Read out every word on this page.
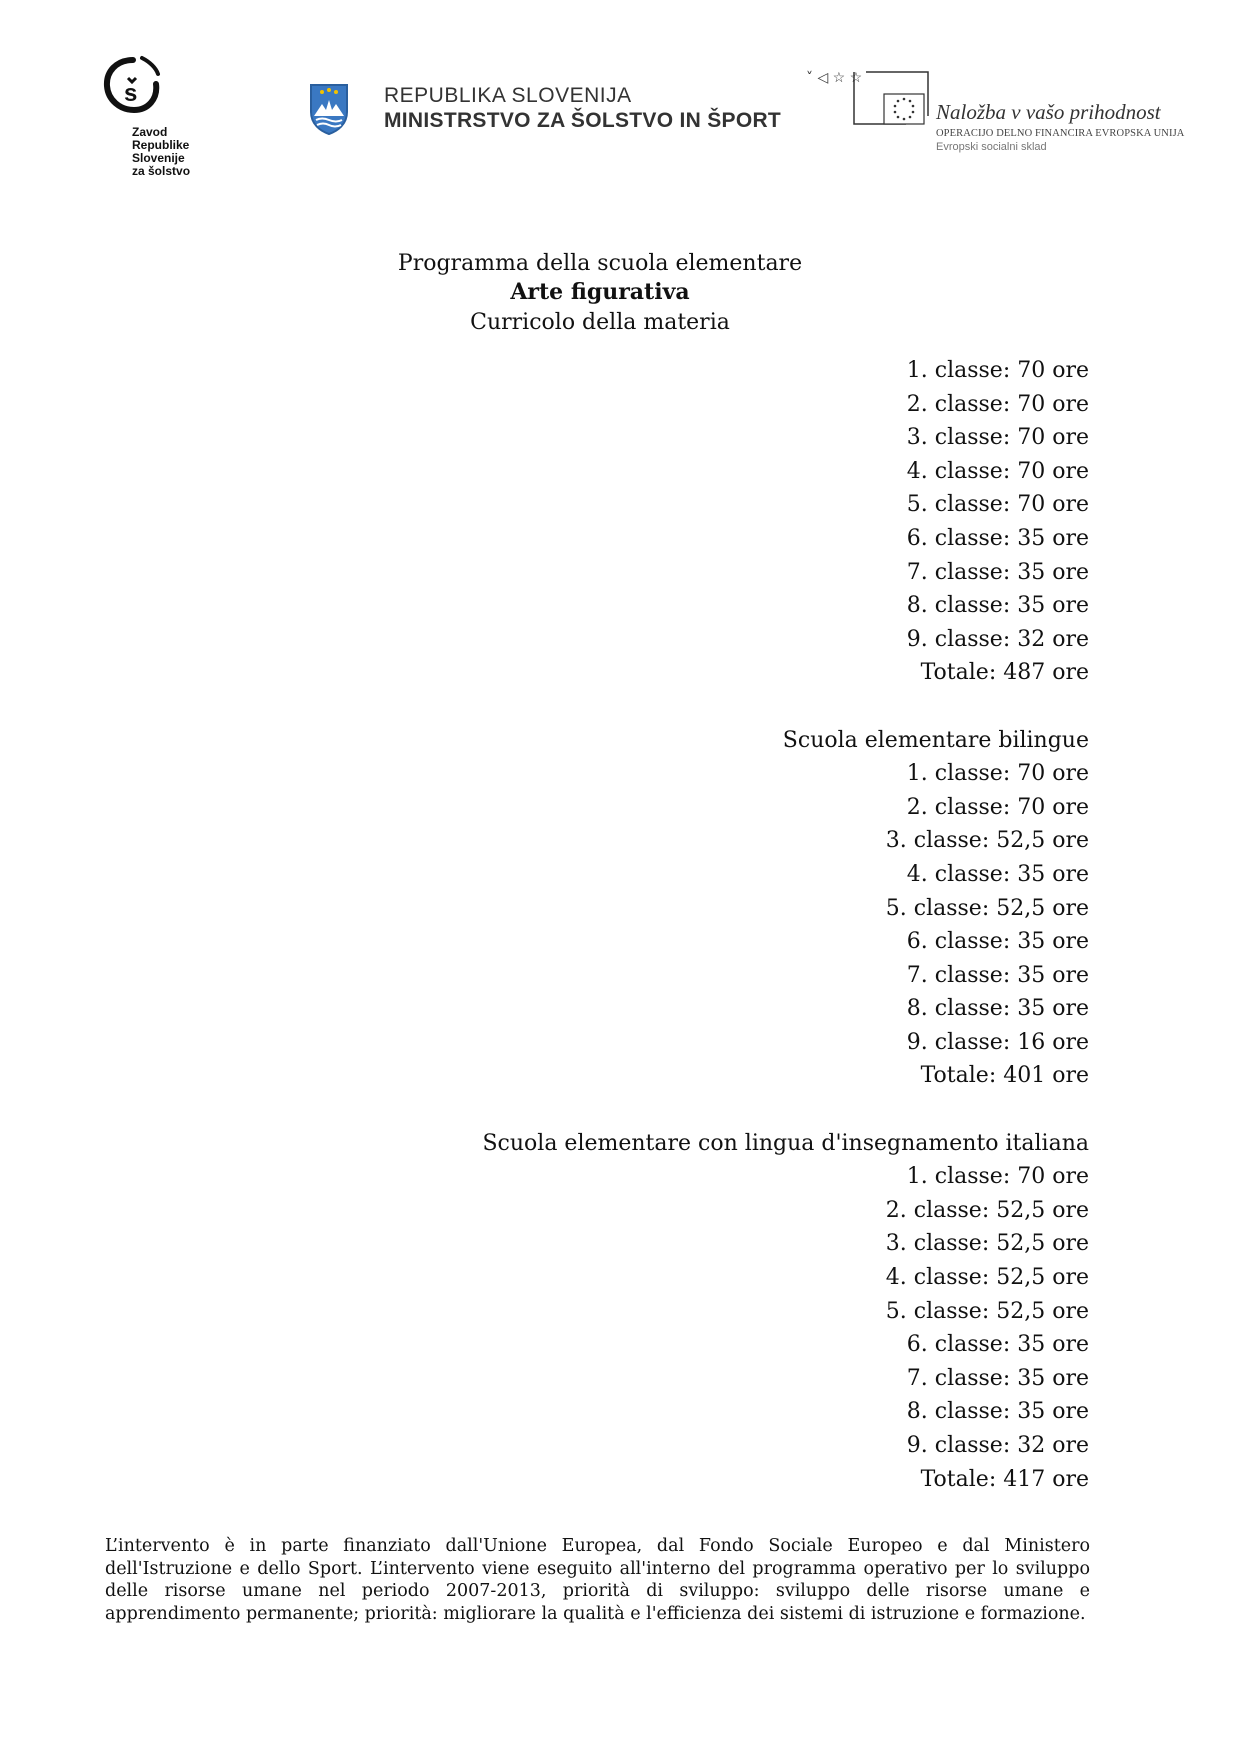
s
Zavod
Republike
Slovenije
za šolstvo
REPUBLIKA SLOVENIJA
MINISTRSTVO ZA ŠOLSTVO IN ŠPORT
˅ ◁ ☆ ☆
Naložba v vašo prihodnost
OPERACIJO DELNO FINANCIRA EVROPSKA UNIJA
Evropski socialni sklad
Programma della scuola elementare
Arte figurativa
Curricolo della materia
1. classe: 70 ore
2. classe: 70 ore
3. classe: 70 ore
4. classe: 70 ore
5. classe: 70 ore
6. classe: 35 ore
7. classe: 35 ore
8. classe: 35 ore
9. classe: 32 ore
Totale: 487 ore
Scuola elementare bilingue
1. classe: 70 ore
2. classe: 70 ore
3. classe: 52,5 ore
4. classe: 35 ore
5. classe: 52,5 ore
6. classe: 35 ore
7. classe: 35 ore
8. classe: 35 ore
9. classe: 16 ore
Totale: 401 ore
Scuola elementare con lingua d'insegnamento italiana
1. classe: 70 ore
2. classe: 52,5 ore
3. classe: 52,5 ore
4. classe: 52,5 ore
5. classe: 52,5 ore
6. classe: 35 ore
7. classe: 35 ore
8. classe: 35 ore
9. classe: 32 ore
Totale: 417 ore
L’intervento è in parte finanziato dall'Unione Europea, dal Fondo Sociale Europeo e dal Ministero dell'Istruzione e dello Sport. L’intervento viene eseguito all'interno del programma operativo per lo sviluppo delle risorse umane nel periodo 2007-2013, priorità di sviluppo: sviluppo delle risorse umane e apprendimento permanente; priorità: migliorare la qualità e l'efficienza dei sistemi di istruzione e formazione.
